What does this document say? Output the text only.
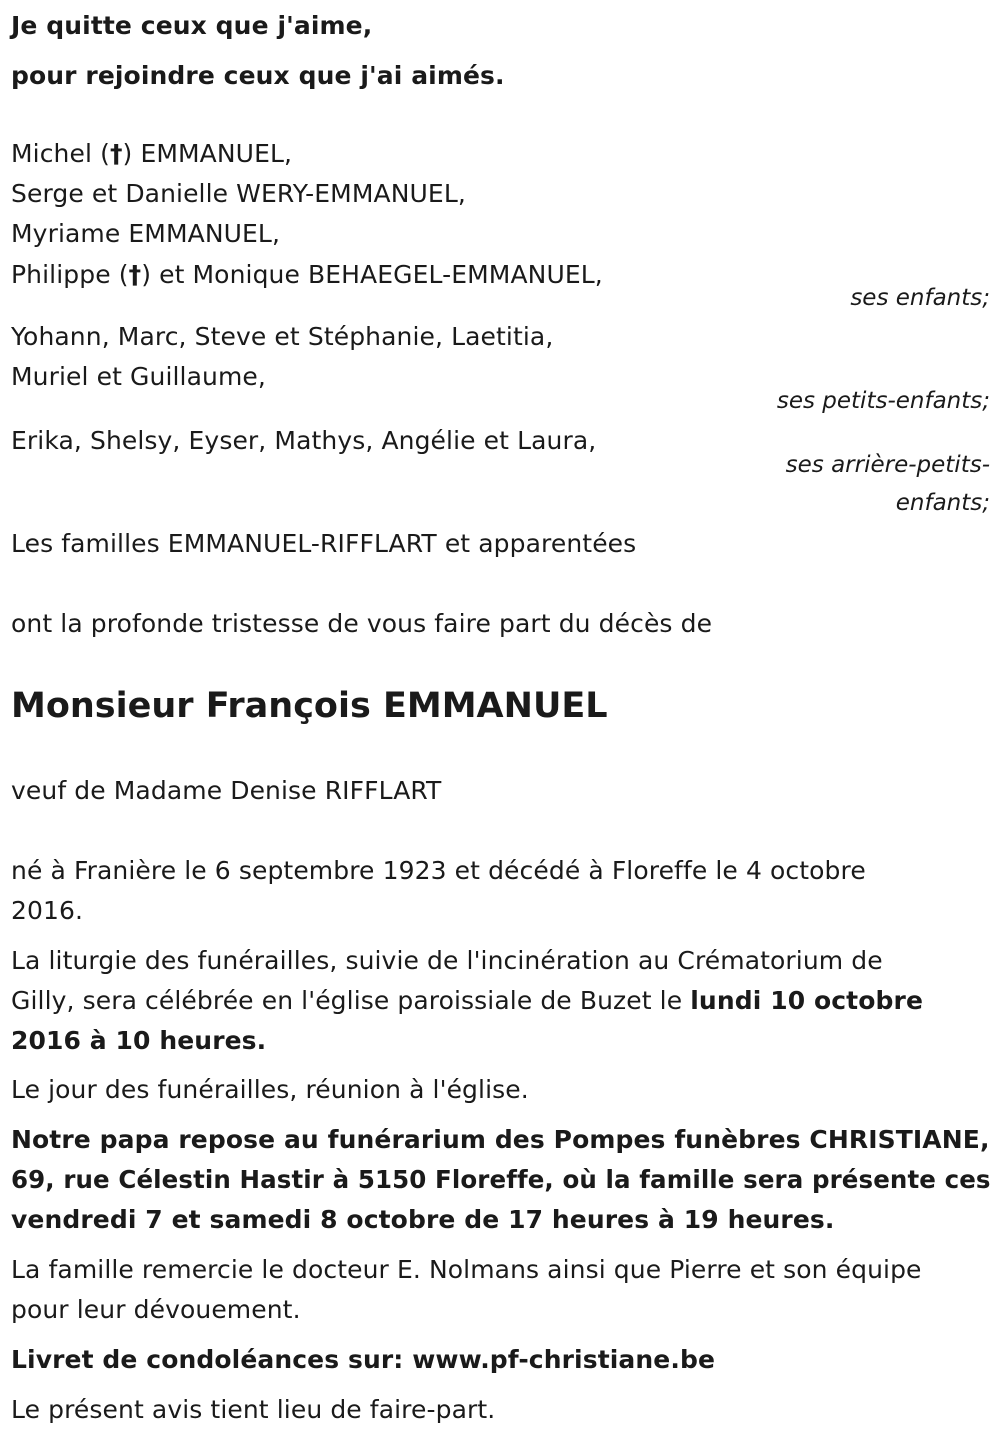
Je quitte ceux que j'aime,
pour rejoindre ceux que j'ai aimés.
Michel (†) EMMANUEL,
Serge et Danielle WERY-EMMANUEL,
Myriame EMMANUEL,
Philippe (†) et Monique BEHAEGEL-EMMANUEL,
ses enfants;
Yohann, Marc, Steve et Stéphanie, Laetitia,
Muriel et Guillaume,
ses petits-enfants;
Erika, Shelsy, Eyser, Mathys, Angélie et Laura,
ses arrière-petits-
enfants;
Les familles EMMANUEL-RIFFLART et apparentées
ont la profonde tristesse de vous faire part du décès de
Monsieur François EMMANUEL
veuf de Madame Denise RIFFLART
né à Franière le 6 septembre 1923 et décédé à Floreffe le 4 octobre
2016.
La liturgie des funérailles, suivie de l'incinération au Crématorium de
Gilly, sera célébrée en l'église paroissiale de Buzet le lundi 10 octobre
2016 à 10 heures.
Le jour des funérailles, réunion à l'église.
Notre papa repose au funérarium des Pompes funèbres CHRISTIANE,
69, rue Célestin Hastir à 5150 Floreffe, où la famille sera présente ces
vendredi 7 et samedi 8 octobre de 17 heures à 19 heures.
La famille remercie le docteur E. Nolmans ainsi que Pierre et son équipe
pour leur dévouement.
Livret de condoléances sur: www.pf-christiane.be
Le présent avis tient lieu de faire-part.
